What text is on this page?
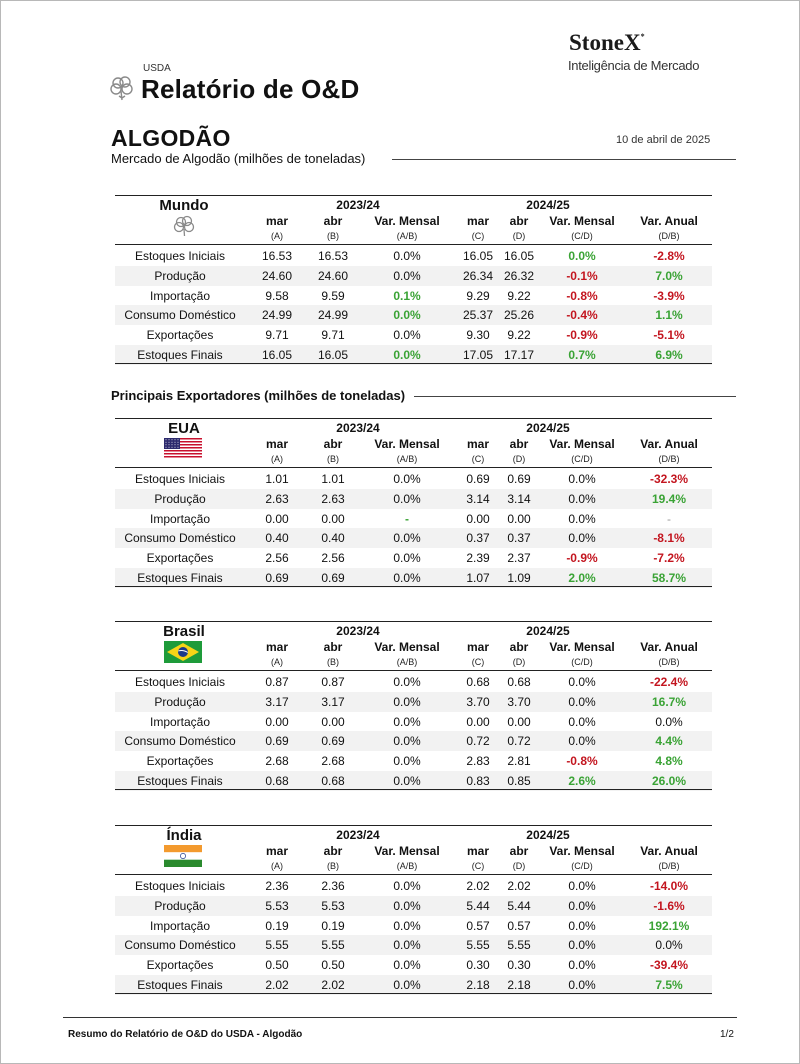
USDA
Relatório de O&D
StoneX*
Inteligência de Mercado
ALGODÃO	10 de abril de 2025
Mercado de Algodão (milhões de toneladas)
Mundo	2023/24	2024/25
mar	abr	Var. Mensal	mar	abr	Var. Mensal	Var. Anual
(A)	(B)	(A/B)	(C)	(D)	(C/D)	(D/B)
Estoques Iniciais	16.53	16.53	0.0%	16.05 16.05	0.0%	-2.8%
Produção	24.60	24.60	0.0%	26.34 26.32	-0.1%	7.0%
Importação	9.58	9.59	0.1%	9.29	9.22	-0.8%	-3.9%
Consumo Doméstico	24.99	24.99	0.0%	25.37 25.26	-0.4%	1.1%
Exportações	9.71	9.71	0.0%	9.30	9.22	-0.9%	-5.1%
Estoques Finais	16.05	16.05	0.0%	17.05 17.17	0.7%	6.9%
Principais Exportadores (milhões de toneladas)
EUA	2023/24	2024/25
mar	abr	Var. Mensal	mar	abr	Var. Mensal	Var. Anual
(A)	(B)	(A/B)	(C)	(D)	(C/D)	(D/B)
Estoques Iniciais	1.01	1.01	0.0%	0.69	0.69	0.0%	-32.3%
Produção	2.63	2.63	0.0%	3.14	3.14	0.0%	19.4%
Importação	0.00	0.00	-	0.00	0.00	0.0%	-
Consumo Doméstico	0.40	0.40	0.0%	0.37	0.37	0.0%	-8.1%
Exportações	2.56	2.56	0.0%	2.39	2.37	-0.9%	-7.2%
Estoques Finais	0.69	0.69	0.0%	1.07	1.09	2.0%	58.7%
Brasil	2023/24	2024/25
mar	abr	Var. Mensal	mar	abr	Var. Mensal	Var. Anual
(A)	(B)	(A/B)	(C)	(D)	(C/D)	(D/B)
Estoques Iniciais	0.87	0.87	0.0%	0.68	0.68	0.0%	-22.4%
Produção	3.17	3.17	0.0%	3.70	3.70	0.0%	16.7%
Importação	0.00	0.00	0.0%	0.00	0.00	0.0%	0.0%
Consumo Doméstico	0.69	0.69	0.0%	0.72	0.72	0.0%	4.4%
Exportações	2.68	2.68	0.0%	2.83	2.81	-0.8%	4.8%
Estoques Finais	0.68	0.68	0.0%	0.83	0.85	2.6%	26.0%
Índia	2023/24	2024/25
mar	abr	Var. Mensal	mar	abr	Var. Mensal	Var. Anual
(A)	(B)	(A/B)	(C)	(D)	(C/D)	(D/B)
Estoques Iniciais	2.36	2.36	0.0%	2.02	2.02	0.0%	-14.0%
Produção	5.53	5.53	0.0%	5.44	5.44	0.0%	-1.6%
Importação	0.19	0.19	0.0%	0.57	0.57	0.0%	192.1%
Consumo Doméstico	5.55	5.55	0.0%	5.55	5.55	0.0%	0.0%
Exportações	0.50	0.50	0.0%	0.30	0.30	0.0%	-39.4%
Estoques Finais	2.02	2.02	0.0%	2.18	2.18	0.0%	7.5%
Resumo do Relatório de O&D do USDA - Algodão	1/2
